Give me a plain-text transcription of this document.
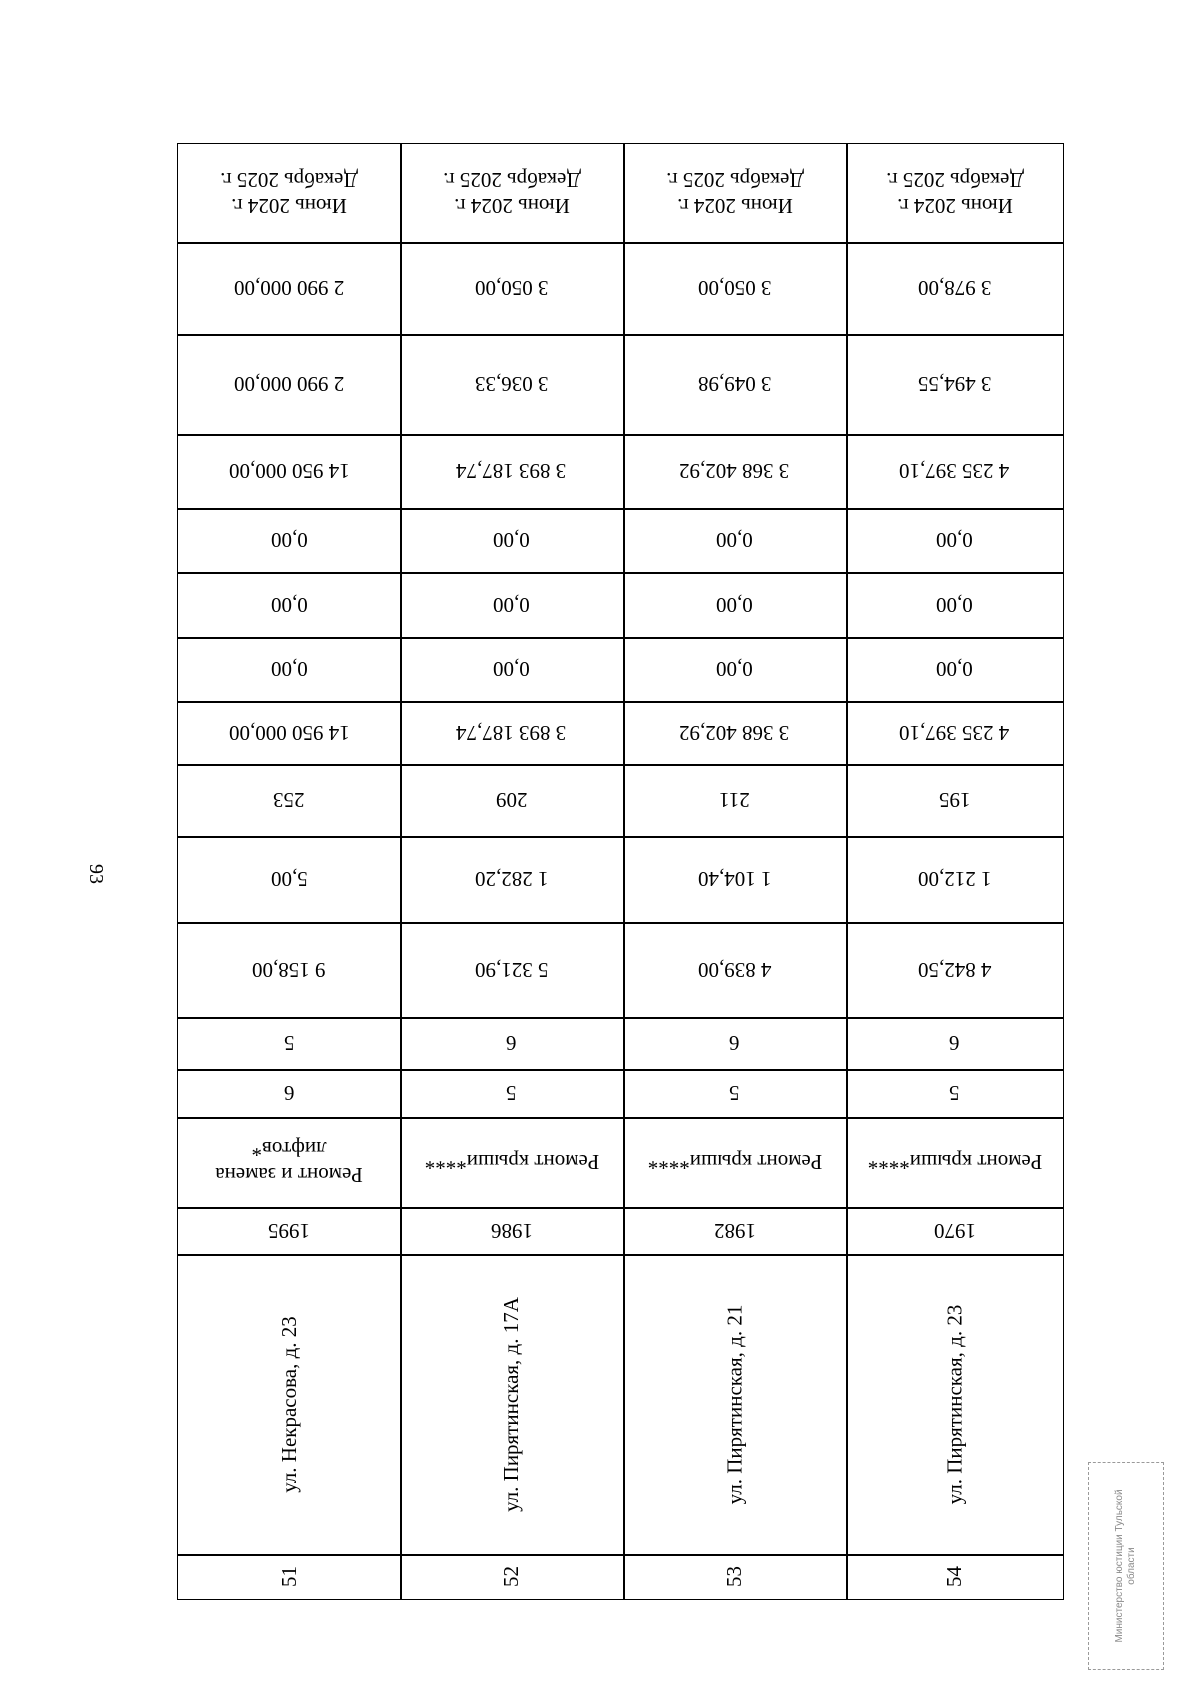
93
51
ул. Некрасова, д. 23
1995
Ремонт и замена лифтов*
6
5
9 158,00
5,00
253
14 950 000,00
0,00
0,00
0,00
14 950 000,00
2 990 000,00
2 990 000,00
Июнь 2024 г. Декабрь 2025 г.
52
ул. Пирятинская, д. 17А
1986
Ремонт крыши****
5
6
5 321,90
1 282,20
209
3 893 187,74
0,00
0,00
0,00
3 893 187,74
3 036,33
3 050,00
Июнь 2024 г. Декабрь 2025 г.
53
ул. Пирятинская, д. 21
1982
Ремонт крыши****
5
6
4 839,00
1 104,40
211
3 368 402,92
0,00
0,00
0,00
3 368 402,92
3 049,98
3 050,00
Июнь 2024 г. Декабрь 2025 г.
54
ул. Пирятинская, д. 23
1970
Ремонт крыши****
5
6
4 842,50
1 212,00
195
4 235 397,10
0,00
0,00
0,00
4 235 397,10
3 494,55
3 978,00
Июнь 2024 г. Декабрь 2025 г.
Министерство юстиции Тульской области
